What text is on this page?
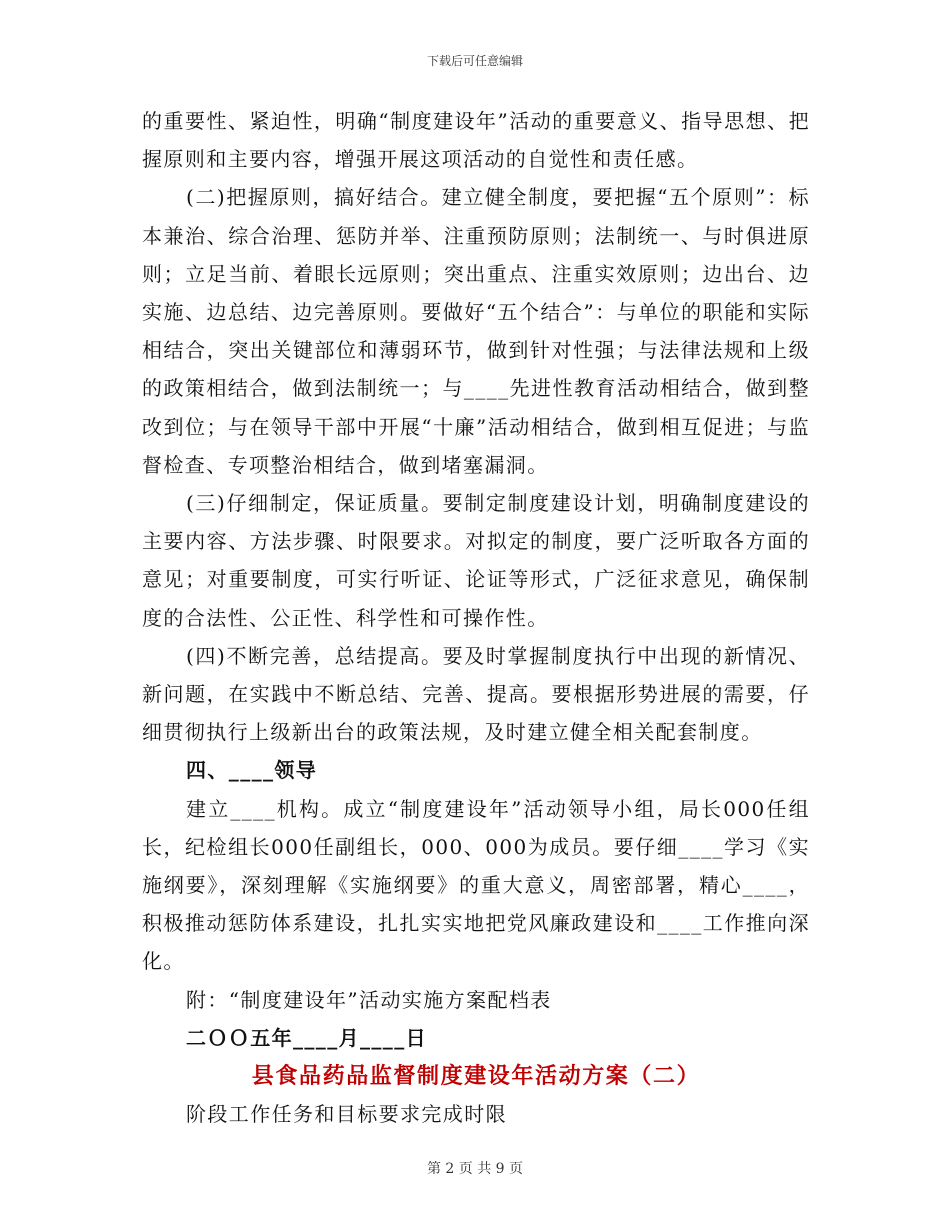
下载后可任意编辑

的重要性、紧迫性，明确“制度建设年”活动的重要意义、指导思想、把握原则和主要内容，增强开展这项活动的自觉性和责任感。

(二)把握原则，搞好结合。建立健全制度，要把握“五个原则”：标本兼治、综合治理、惩防并举、注重预防原则；法制统一、与时俱进原则；立足当前、着眼长远原则；突出重点、注重实效原则；边出台、边实施、边总结、边完善原则。要做好“五个结合”：与单位的职能和实际相结合，突出关键部位和薄弱环节，做到针对性强；与法律法规和上级的政策相结合，做到法制统一；与____先进性教育活动相结合，做到整改到位；与在领导干部中开展“十廉”活动相结合，做到相互促进；与监督检查、专项整治相结合，做到堵塞漏洞。

(三)仔细制定，保证质量。要制定制度建设计划，明确制度建设的主要内容、方法步骤、时限要求。对拟定的制度，要广泛听取各方面的意见；对重要制度，可实行听证、论证等形式，广泛征求意见，确保制度的合法性、公正性、科学性和可操作性。

(四)不断完善，总结提高。要及时掌握制度执行中出现的新情况、新问题，在实践中不断总结、完善、提高。要根据形势进展的需要，仔细贯彻执行上级新出台的政策法规，及时建立健全相关配套制度。

四、____领导

建立____机构。成立“制度建设年”活动领导小组，局长000任组长，纪检组长000任副组长，000、000为成员。要仔细____学习《实施纲要》，深刻理解《实施纲要》的重大意义，周密部署，精心____，积极推动惩防体系建设，扎扎实实地把党风廉政建设和____工作推向深化。

附：“制度建设年”活动实施方案配档表

二ＯＯ五年____月____日

县食品药品监督制度建设年活动方案（二）

阶段工作任务和目标要求完成时限

第 2 页 共 9 页
